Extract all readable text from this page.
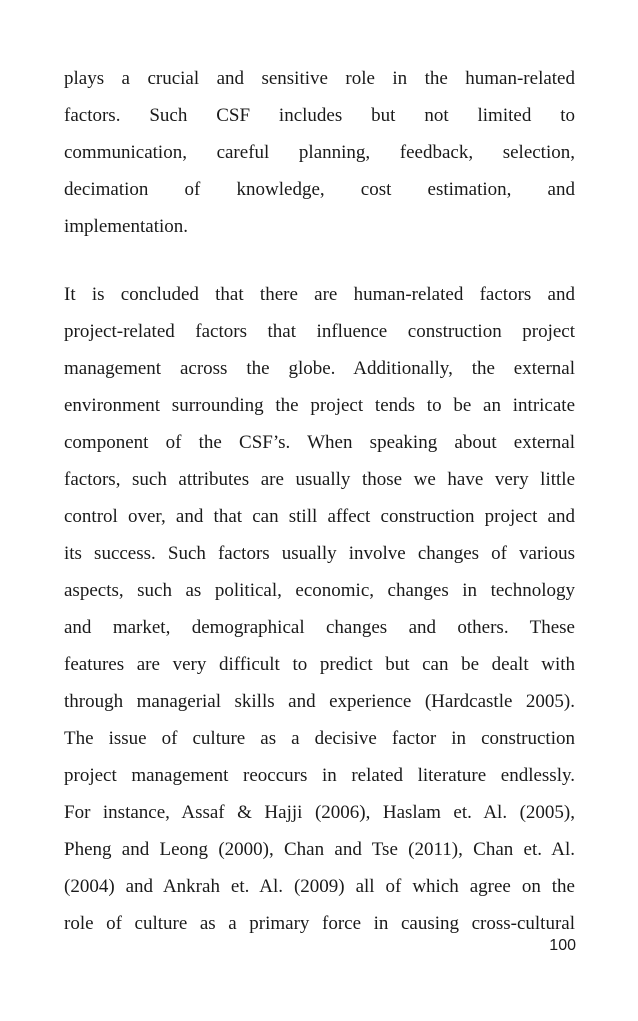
plays a crucial and sensitive role in the human-related
factors. Such CSF includes but not limited to
communication, careful planning, feedback, selection,
decimation of knowledge, cost estimation, and
implementation.
It is concluded that there are human-related factors and
project-related factors that influence construction project
management across the globe. Additionally, the external
environment surrounding the project tends to be an intricate
component of the CSF’s. When speaking about external
factors, such attributes are usually those we have very little
control over, and that can still affect construction project and
its success. Such factors usually involve changes of various
aspects, such as political, economic, changes in technology
and market, demographical changes and others. These
features are very difficult to predict but can be dealt with
through managerial skills and experience (Hardcastle 2005).
The issue of culture as a decisive factor in construction
project management reoccurs in related literature endlessly.
For instance, Assaf & Hajji (2006), Haslam et. Al. (2005),
Pheng and Leong (2000), Chan and Tse (2011), Chan et. Al.
(2004) and Ankrah et. Al. (2009) all of which agree on the
role of culture as a primary force in causing cross-cultural
100
